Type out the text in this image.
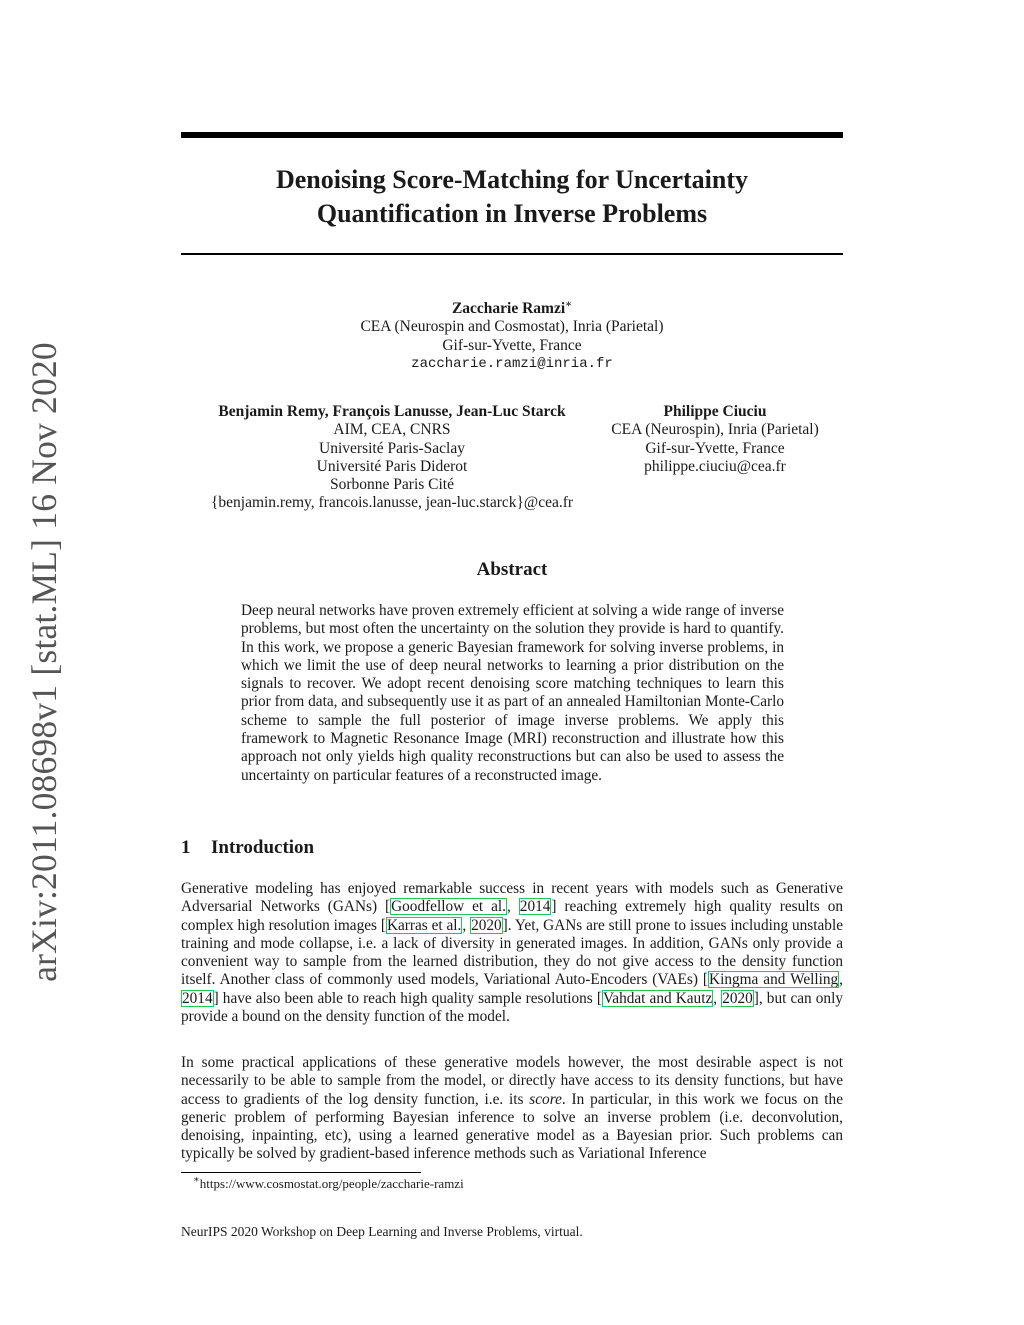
arXiv:2011.08698v1 [stat.ML] 16 Nov 2020
Denoising Score-Matching for Uncertainty
Quantification in Inverse Problems
Zaccharie Ramzi∗
CEA (Neurospin and Cosmostat), Inria (Parietal)
Gif-sur-Yvette, France
zaccharie.ramzi@inria.fr
Benjamin Remy, François Lanusse, Jean-Luc Starck
AIM, CEA, CNRS
Université Paris-Saclay
Université Paris Diderot
Sorbonne Paris Cité
{benjamin.remy, francois.lanusse, jean-luc.starck}@cea.fr
Philippe Ciuciu
CEA (Neurospin), Inria (Parietal)
Gif-sur-Yvette, France
philippe.ciuciu@cea.fr
Abstract

Deep neural networks have proven extremely efficient at solving a wide range of inverse problems, but most often the uncertainty on the solution they provide is hard to quantify. In this work, we propose a generic Bayesian framework for solving inverse problems, in which we limit the use of deep neural networks to learning a prior distribution on the signals to recover. We adopt recent denoising score matching techniques to learn this prior from data, and subsequently use it as part of an annealed Hamiltonian Monte-Carlo scheme to sample the full posterior of image inverse problems. We apply this framework to Magnetic Resonance Image (MRI) reconstruction and illustrate how this approach not only yields high quality reconstructions but can also be used to assess the uncertainty on particular features of a reconstructed image.

1 Introduction

Generative modeling has enjoyed remarkable success in recent years with models such as Generative Adversarial Networks (GANs) [Goodfellow et al., 2014] reaching extremely high quality results on complex high resolution images [Karras et al., 2020]. Yet, GANs are still prone to issues including unstable training and mode collapse, i.e. a lack of diversity in generated images. In addition, GANs only provide a convenient way to sample from the learned distribution, they do not give access to the density function itself. Another class of commonly used models, Variational Auto-Encoders (VAEs) [Kingma and Welling, 2014] have also been able to reach high quality sample resolutions [Vahdat and Kautz, 2020], but can only provide a bound on the density function of the model.

In some practical applications of these generative models however, the most desirable aspect is not necessarily to be able to sample from the model, or directly have access to its density functions, but have access to gradients of the log density function, i.e. its score. In particular, in this work we focus on the generic problem of performing Bayesian inference to solve an inverse problem (i.e. deconvolution, denoising, inpainting, etc), using a learned generative model as a Bayesian prior. Such problems can typically be solved by gradient-based inference methods such as Variational Inference

∗https://www.cosmostat.org/people/zaccharie-ramzi

NeurIPS 2020 Workshop on Deep Learning and Inverse Problems, virtual.
